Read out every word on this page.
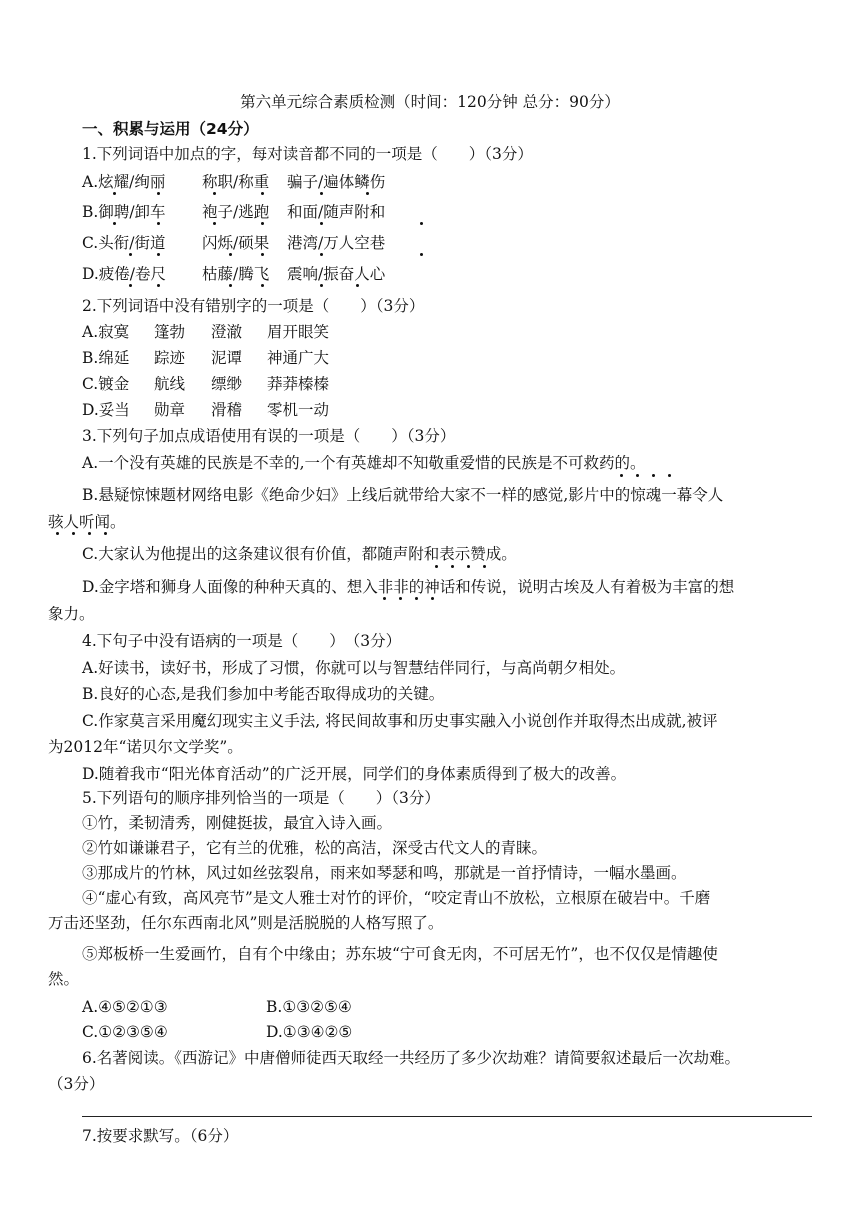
第六单元综合素质检测（时间：120分钟 总分：90分）
一、积累与运用（24分）
1.下列词语中加点的字，每对读音都不同的一项是（　　）（3分）
A.炫耀/绚丽 称职/称重 骗子/遍体鳞伤
B.御聘/卸车 袍子/逃跑 和面/随声附和
C.头衔/街道 闪烁/硕果 港湾/万人空巷
D.疲倦/卷尺 枯藤/腾飞 震响/振奋人心
2.下列词语中没有错别字的一项是（　　）（3分）
A.寂寞 篷勃 澄澈 眉开眼笑
B.绵延 踪迹 泥谭 神通广大
C.镀金 航线 缥缈 莽莽榛榛
D.妥当 勋章 滑稽 零机一动
3.下列句子加点成语使用有误的一项是（　　）（3分）
A.一个没有英雄的民族是不幸的,一个有英雄却不知敬重爱惜的民族是不可救药的。
B.悬疑惊悚题材网络电影《绝命少妇》上线后就带给大家不一样的感觉,影片中的惊魂一幕令人
骇人听闻。
C.大家认为他提出的这条建议很有价值，都随声附和表示赞成。
D.金字塔和狮身人面像的种种天真的、想入非非的神话和传说，说明古埃及人有着极为丰富的想
象力。
4.下句子中没有语病的一项是（　　）　（3分）
A.好读书，读好书，形成了习惯，你就可以与智慧结伴同行，与高尚朝夕相处。
B.良好的心态,是我们参加中考能否取得成功的关键。
C.作家莫言采用魔幻现实主义手法, 将民间故事和历史事实融入小说创作并取得杰出成就,被评
为2012年“诺贝尔文学奖”。
D.随着我市“阳光体育活动”的广泛开展，同学们的身体素质得到了极大的改善。
5.下列语句的顺序排列恰当的一项是（　　）（3分）
①竹，柔韧清秀，刚健挺拔，最宜入诗入画。
②竹如谦谦君子，它有兰的优雅，松的高洁，深受古代文人的青睐。
③那成片的竹林，风过如丝弦裂帛，雨来如琴瑟和鸣，那就是一首抒情诗，一幅水墨画。
④“虚心有致，高风亮节”是文人雅士对竹的评价，“咬定青山不放松，立根原在破岩中。千磨
万击还坚劲，任尔东西南北风”则是活脱脱的人格写照了。
⑤郑板桥一生爱画竹，自有个中缘由；苏东坡“宁可食无肉，不可居无竹”，也不仅仅是情趣使
然。
A.④⑤②①③	B.①③②⑤④
C.①②③⑤④	D.①③④②⑤
6.名著阅读。《西游记》中唐僧师徒西天取经一共经历了多少次劫难？请简要叙述最后一次劫难。
（3分）
7.按要求默写。（6分）
